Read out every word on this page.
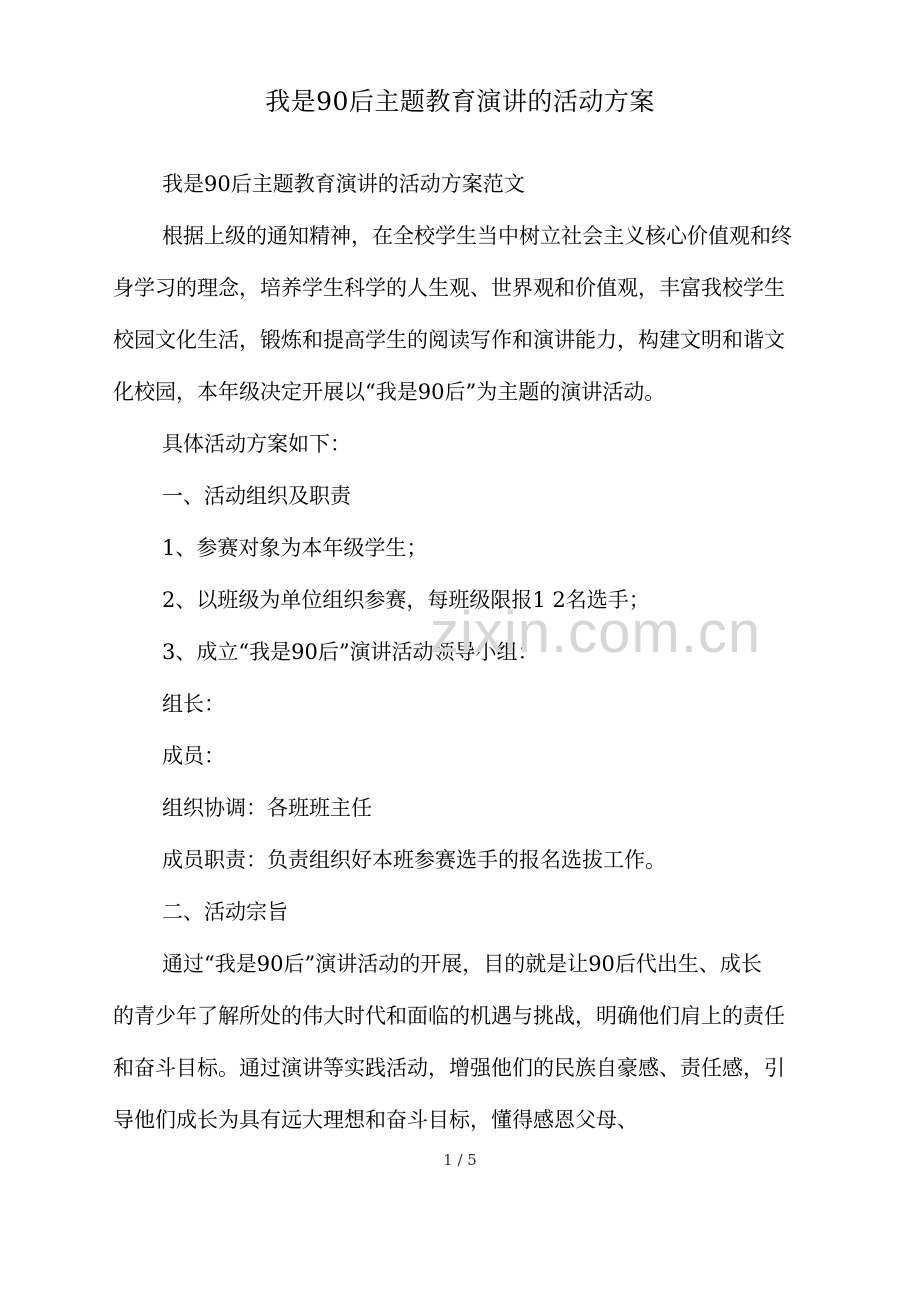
我是90后主题教育演讲的活动方案
我是90后主题教育演讲的活动方案范文
根据上级的通知精神，在全校学生当中树立社会主义核心价值观和终
身学习的理念，培养学生科学的人生观、世界观和价值观，丰富我校学生
校园文化生活，锻炼和提高学生的阅读写作和演讲能力，构建文明和谐文
化校园，本年级决定开展以“我是90后”为主题的演讲活动。
具体活动方案如下：
一、活动组织及职责
1、参赛对象为本年级学生；
2、以班级为单位组织参赛，每班级限报1 2名选手；
3、成立“我是90后”演讲活动领导小组：
组长：
成员：
组织协调：各班班主任
成员职责：负责组织好本班参赛选手的报名选拔工作。
二、活动宗旨
通过“我是90后”演讲活动的开展，目的就是让90后代出生、成长
的青少年了解所处的伟大时代和面临的机遇与挑战，明确他们肩上的责任
和奋斗目标。通过演讲等实践活动，增强他们的民族自豪感、责任感，引
导他们成长为具有远大理想和奋斗目标，懂得感恩父母、
zixin.com.cn
1 / 5
